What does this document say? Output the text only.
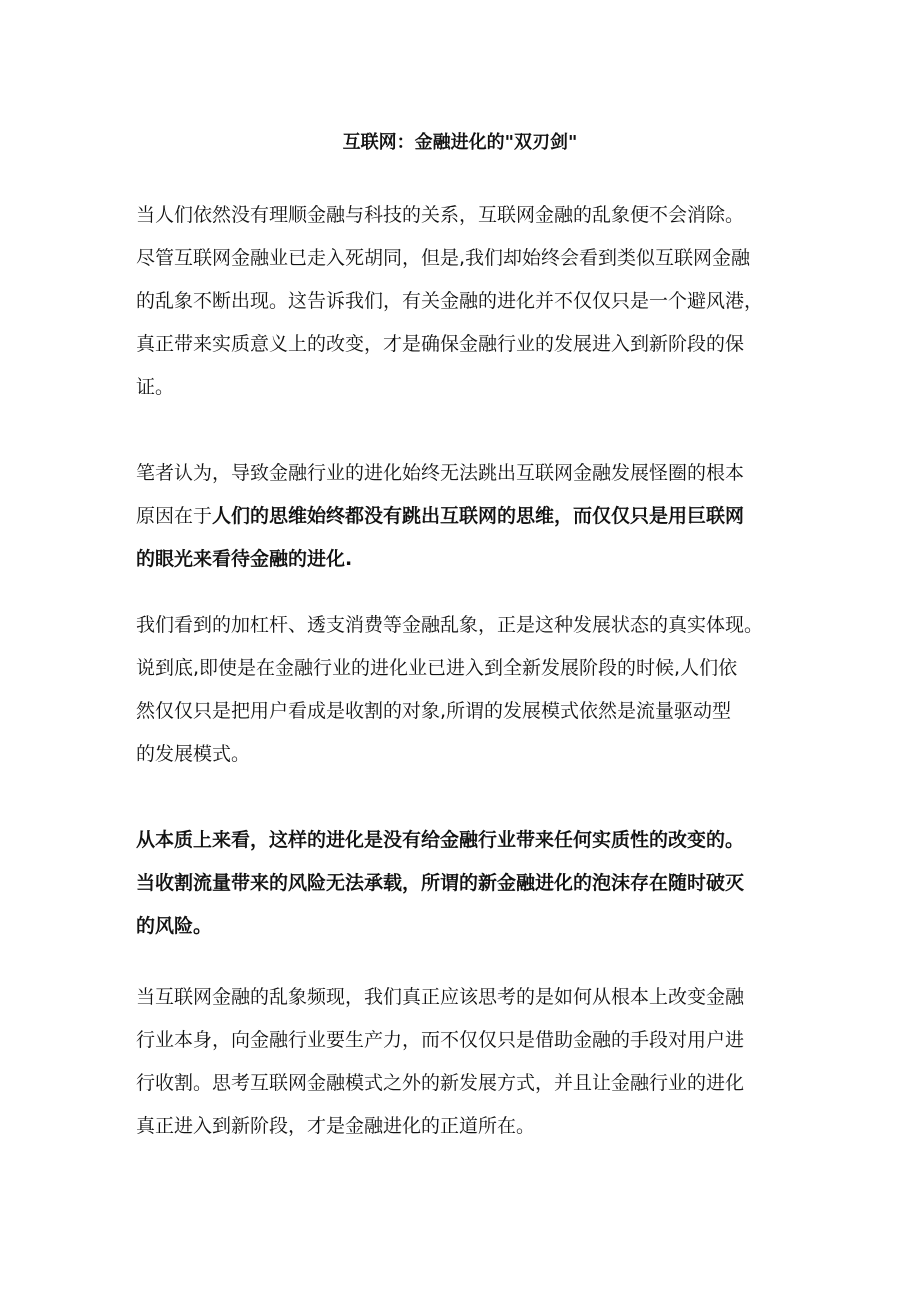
互联网：金融进化的"双刃剑"

当人们依然没有理顺金融与科技的关系，互联网金融的乱象便不会消除。
尽管互联网金融业已走入死胡同，但是,我们却始终会看到类似互联网金融
的乱象不断出现。这告诉我们，有关金融的进化并不仅仅只是一个避风港，
真正带来实质意义上的改变，才是确保金融行业的发展进入到新阶段的保
证。

笔者认为，导致金融行业的进化始终无法跳出互联网金融发展怪圈的根本
原因在于人们的思维始终都没有跳出互联网的思维，而仅仅只是用巨联网
的眼光来看待金融的进化.

我们看到的加杠杆、透支消费等金融乱象，正是这种发展状态的真实体现。
说到底,即使是在金融行业的进化业已进入到全新发展阶段的时候,人们依
然仅仅只是把用户看成是收割的对象,所谓的发展模式依然是流量驱动型
的发展模式。

从本质上来看，这样的进化是没有给金融行业带来任何实质性的改变的。
当收割流量带来的风险无法承载，所谓的新金融进化的泡沫存在随时破灭
的风险。

当互联网金融的乱象频现，我们真正应该思考的是如何从根本上改变金融
行业本身，向金融行业要生产力，而不仅仅只是借助金融的手段对用户进
行收割。思考互联网金融模式之外的新发展方式，并且让金融行业的进化
真正进入到新阶段，才是金融进化的正道所在。
